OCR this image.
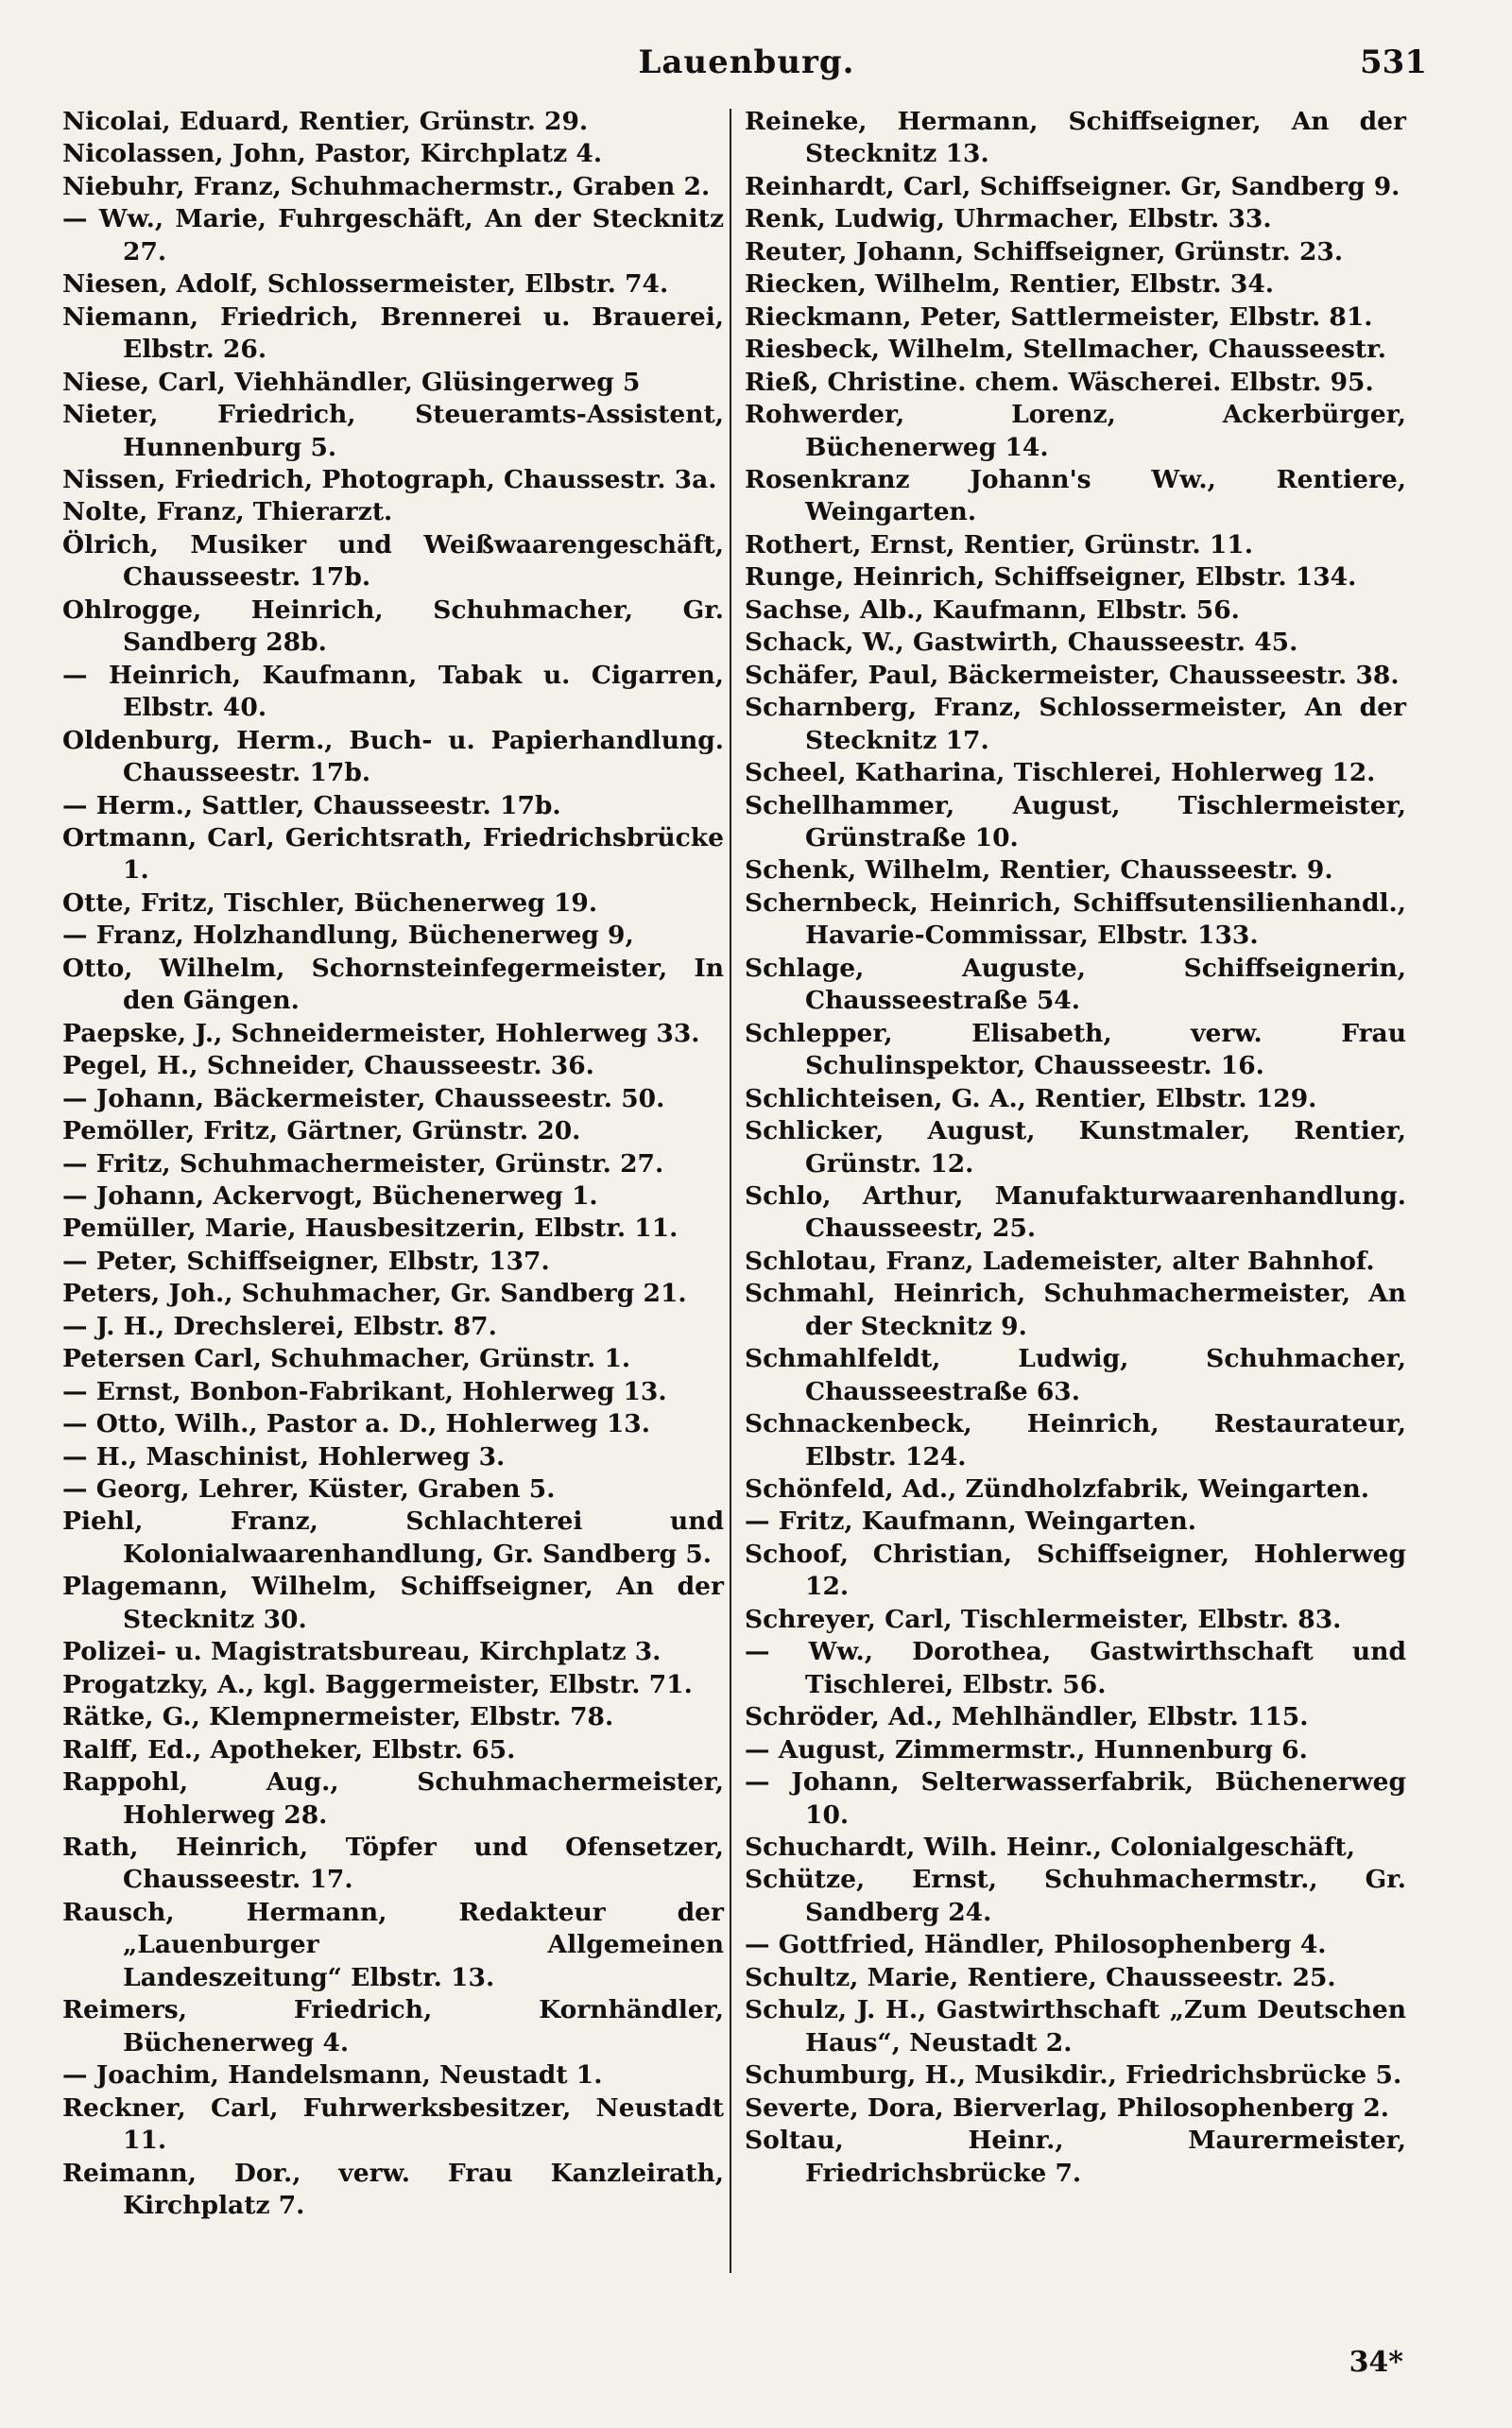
Lauenburg.	531
Nicolai, Eduard, Rentier, Grünstr. 29.
Nicolassen, John, Pastor, Kirchplatz 4.
Niebuhr, Franz, Schuhmachermstr., Graben 2.
— Ww., Marie, Fuhrgeschäft, An der Stecknitz 27.
Niesen, Adolf, Schlossermeister, Elbstr. 74.
Niemann, Friedrich, Brennerei u. Brauerei, Elbstr. 26.
Niese, Carl, Viehhändler, Glüsingerweg 5
Nieter, Friedrich, Steueramts-Assistent, Hunnenburg 5.
Nissen, Friedrich, Photograph, Chaussestr. 3a.
Nolte, Franz, Thierarzt.
Ölrich, Musiker und Weißwaarengeschäft, Chausseestr. 17b.
Ohlrogge, Heinrich, Schuhmacher, Gr. Sandberg 28b.
— Heinrich, Kaufmann, Tabak u. Cigarren, Elbstr. 40.
Oldenburg, Herm., Buch- u. Papierhandlung. Chausseestr. 17b.
— Herm., Sattler, Chausseestr. 17b.
Ortmann, Carl, Gerichtsrath, Friedrichsbrücke 1.
Otte, Fritz, Tischler, Büchenerweg 19.
— Franz, Holzhandlung, Büchenerweg 9,
Otto, Wilhelm, Schornsteinfegermeister, In den Gängen.
Paepske, J., Schneidermeister, Hohlerweg 33.
Pegel, H., Schneider, Chausseestr. 36.
— Johann, Bäckermeister, Chausseestr. 50.
Pemöller, Fritz, Gärtner, Grünstr. 20.
— Fritz, Schuhmachermeister, Grünstr. 27.
— Johann, Ackervogt, Büchenerweg 1.
Pemüller, Marie, Hausbesitzerin, Elbstr. 11.
— Peter, Schiffseigner, Elbstr, 137.
Peters, Joh., Schuhmacher, Gr. Sandberg 21.
— J. H., Drechslerei, Elbstr. 87.
Petersen Carl, Schuhmacher, Grünstr. 1.
— Ernst, Bonbon-Fabrikant, Hohlerweg 13.
— Otto, Wilh., Pastor a. D., Hohlerweg 13.
— H., Maschinist, Hohlerweg 3.
— Georg, Lehrer, Küster, Graben 5.
Piehl, Franz, Schlachterei und Kolonialwaarenhandlung, Gr. Sandberg 5.
Plagemann, Wilhelm, Schiffseigner, An der Stecknitz 30.
Polizei- u. Magistratsbureau, Kirchplatz 3.
Progatzky, A., kgl. Baggermeister, Elbstr. 71.
Rätke, G., Klempnermeister, Elbstr. 78.
Ralff, Ed., Apotheker, Elbstr. 65.
Rappohl, Aug., Schuhmachermeister, Hohlerweg 28.
Rath, Heinrich, Töpfer und Ofensetzer, Chausseestr. 17.
Rausch, Hermann, Redakteur der „Lauenburger Allgemeinen Landeszeitung“ Elbstr. 13.
Reimers, Friedrich, Kornhändler, Büchenerweg 4.
— Joachim, Handelsmann, Neustadt 1.
Reckner, Carl, Fuhrwerksbesitzer, Neustadt 11.
Reimann, Dor., verw. Frau Kanzleirath, Kirchplatz 7.
Reineke, Hermann, Schiffseigner, An der Stecknitz 13.
Reinhardt, Carl, Schiffseigner. Gr, Sandberg 9.
Renk, Ludwig, Uhrmacher, Elbstr. 33.
Reuter, Johann, Schiffseigner, Grünstr. 23.
Riecken, Wilhelm, Rentier, Elbstr. 34.
Rieckmann, Peter, Sattlermeister, Elbstr. 81.
Riesbeck, Wilhelm, Stellmacher, Chausseestr.
Rieß, Christine. chem. Wäscherei. Elbstr. 95.
Rohwerder, Lorenz, Ackerbürger, Büchenerweg 14.
Rosenkranz Johann's Ww., Rentiere, Weingarten.
Rothert, Ernst, Rentier, Grünstr. 11.
Runge, Heinrich, Schiffseigner, Elbstr. 134.
Sachse, Alb., Kaufmann, Elbstr. 56.
Schack, W., Gastwirth, Chausseestr. 45.
Schäfer, Paul, Bäckermeister, Chausseestr. 38.
Scharnberg, Franz, Schlossermeister, An der Stecknitz 17.
Scheel, Katharina, Tischlerei, Hohlerweg 12.
Schellhammer, August, Tischlermeister, Grünstraße 10.
Schenk, Wilhelm, Rentier, Chausseestr. 9.
Schernbeck, Heinrich, Schiffsutensilienhandl., Havarie-Commissar, Elbstr. 133.
Schlage, Auguste, Schiffseignerin, Chausseestraße 54.
Schlepper, Elisabeth, verw. Frau Schulinspektor, Chausseestr. 16.
Schlichteisen, G. A., Rentier, Elbstr. 129.
Schlicker, August, Kunstmaler, Rentier, Grünstr. 12.
Schlo, Arthur, Manufakturwaarenhandlung. Chausseestr, 25.
Schlotau, Franz, Lademeister, alter Bahnhof.
Schmahl, Heinrich, Schuhmachermeister, An der Stecknitz 9.
Schmahlfeldt, Ludwig, Schuhmacher, Chausseestraße 63.
Schnackenbeck, Heinrich, Restaurateur, Elbstr. 124.
Schönfeld, Ad., Zündholzfabrik, Weingarten.
— Fritz, Kaufmann, Weingarten.
Schoof, Christian, Schiffseigner, Hohlerweg 12.
Schreyer, Carl, Tischlermeister, Elbstr. 83.
— Ww., Dorothea, Gastwirthschaft und Tischlerei, Elbstr. 56.
Schröder, Ad., Mehlhändler, Elbstr. 115.
— August, Zimmermstr., Hunnenburg 6.
— Johann, Selterwasserfabrik, Büchenerweg 10.
Schuchardt, Wilh. Heinr., Colonialgeschäft,
Schütze, Ernst, Schuhmachermstr., Gr. Sandberg 24.
— Gottfried, Händler, Philosophenberg 4.
Schultz, Marie, Rentiere, Chausseestr. 25.
Schulz, J. H., Gastwirthschaft „Zum Deutschen Haus“, Neustadt 2.
Schumburg, H., Musikdir., Friedrichsbrücke 5.
Severte, Dora, Bierverlag, Philosophenberg 2.
Soltau, Heinr., Maurermeister, Friedrichsbrücke 7.
34*
